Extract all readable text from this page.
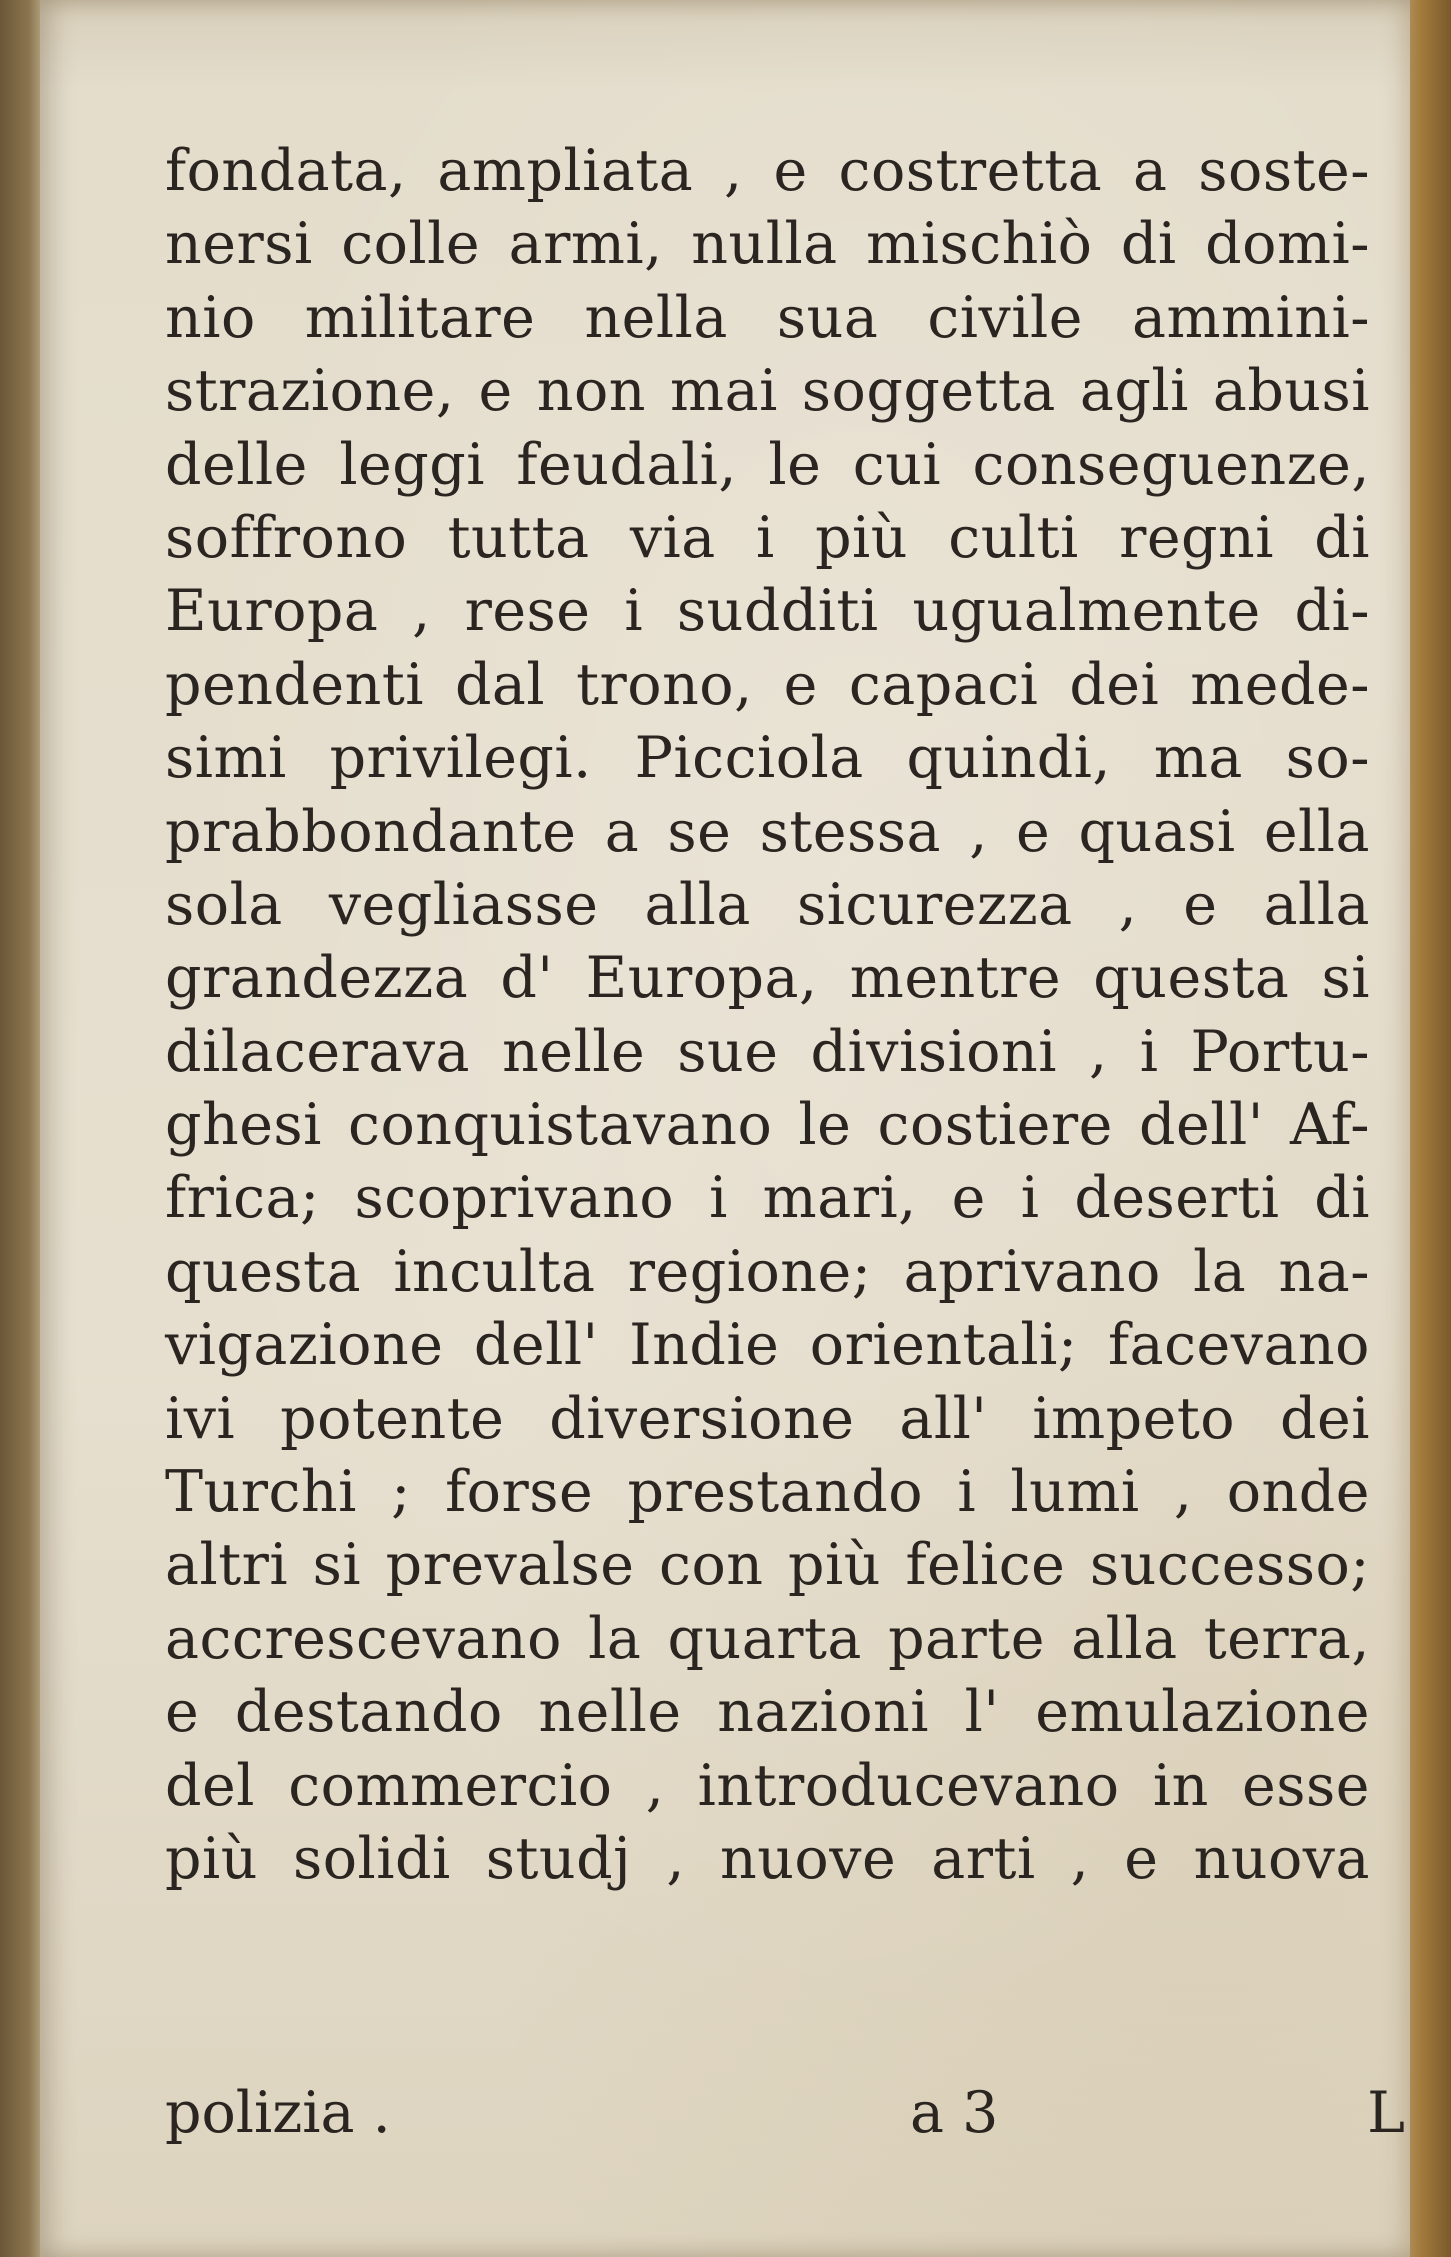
fondata, ampliata , e costretta a soste-
nersi colle armi, nulla mischiò di domi-
nio militare nella sua civile ammini-
strazione, e non mai soggetta agli abusi
delle leggi feudali, le cui conseguenze,
soffrono tutta via i più culti regni di
Europa , rese i sudditi ugualmente di-
pendenti dal trono, e capaci dei mede-
simi privilegi. Picciola quindi, ma so-
prabbondante a se stessa , e quasi ella
sola vegliasse alla sicurezza , e alla
grandezza d' Europa, mentre questa si
dilacerava nelle sue divisioni , i Portu-
ghesi conquistavano le costiere dell' Af-
frica; scoprivano i mari, e i deserti di
questa inculta regione; aprivano la na-
vigazione dell' Indie orientali; facevano
ivi potente diversione all' impeto dei
Turchi ; forse prestando i lumi , onde
altri si prevalse con più felice successo;
accrescevano la quarta parte alla terra,
e destando nelle nazioni l' emulazione
del commercio , introducevano in esse
più solidi studj , nuove arti , e nuova
polizia .	a 3	L
